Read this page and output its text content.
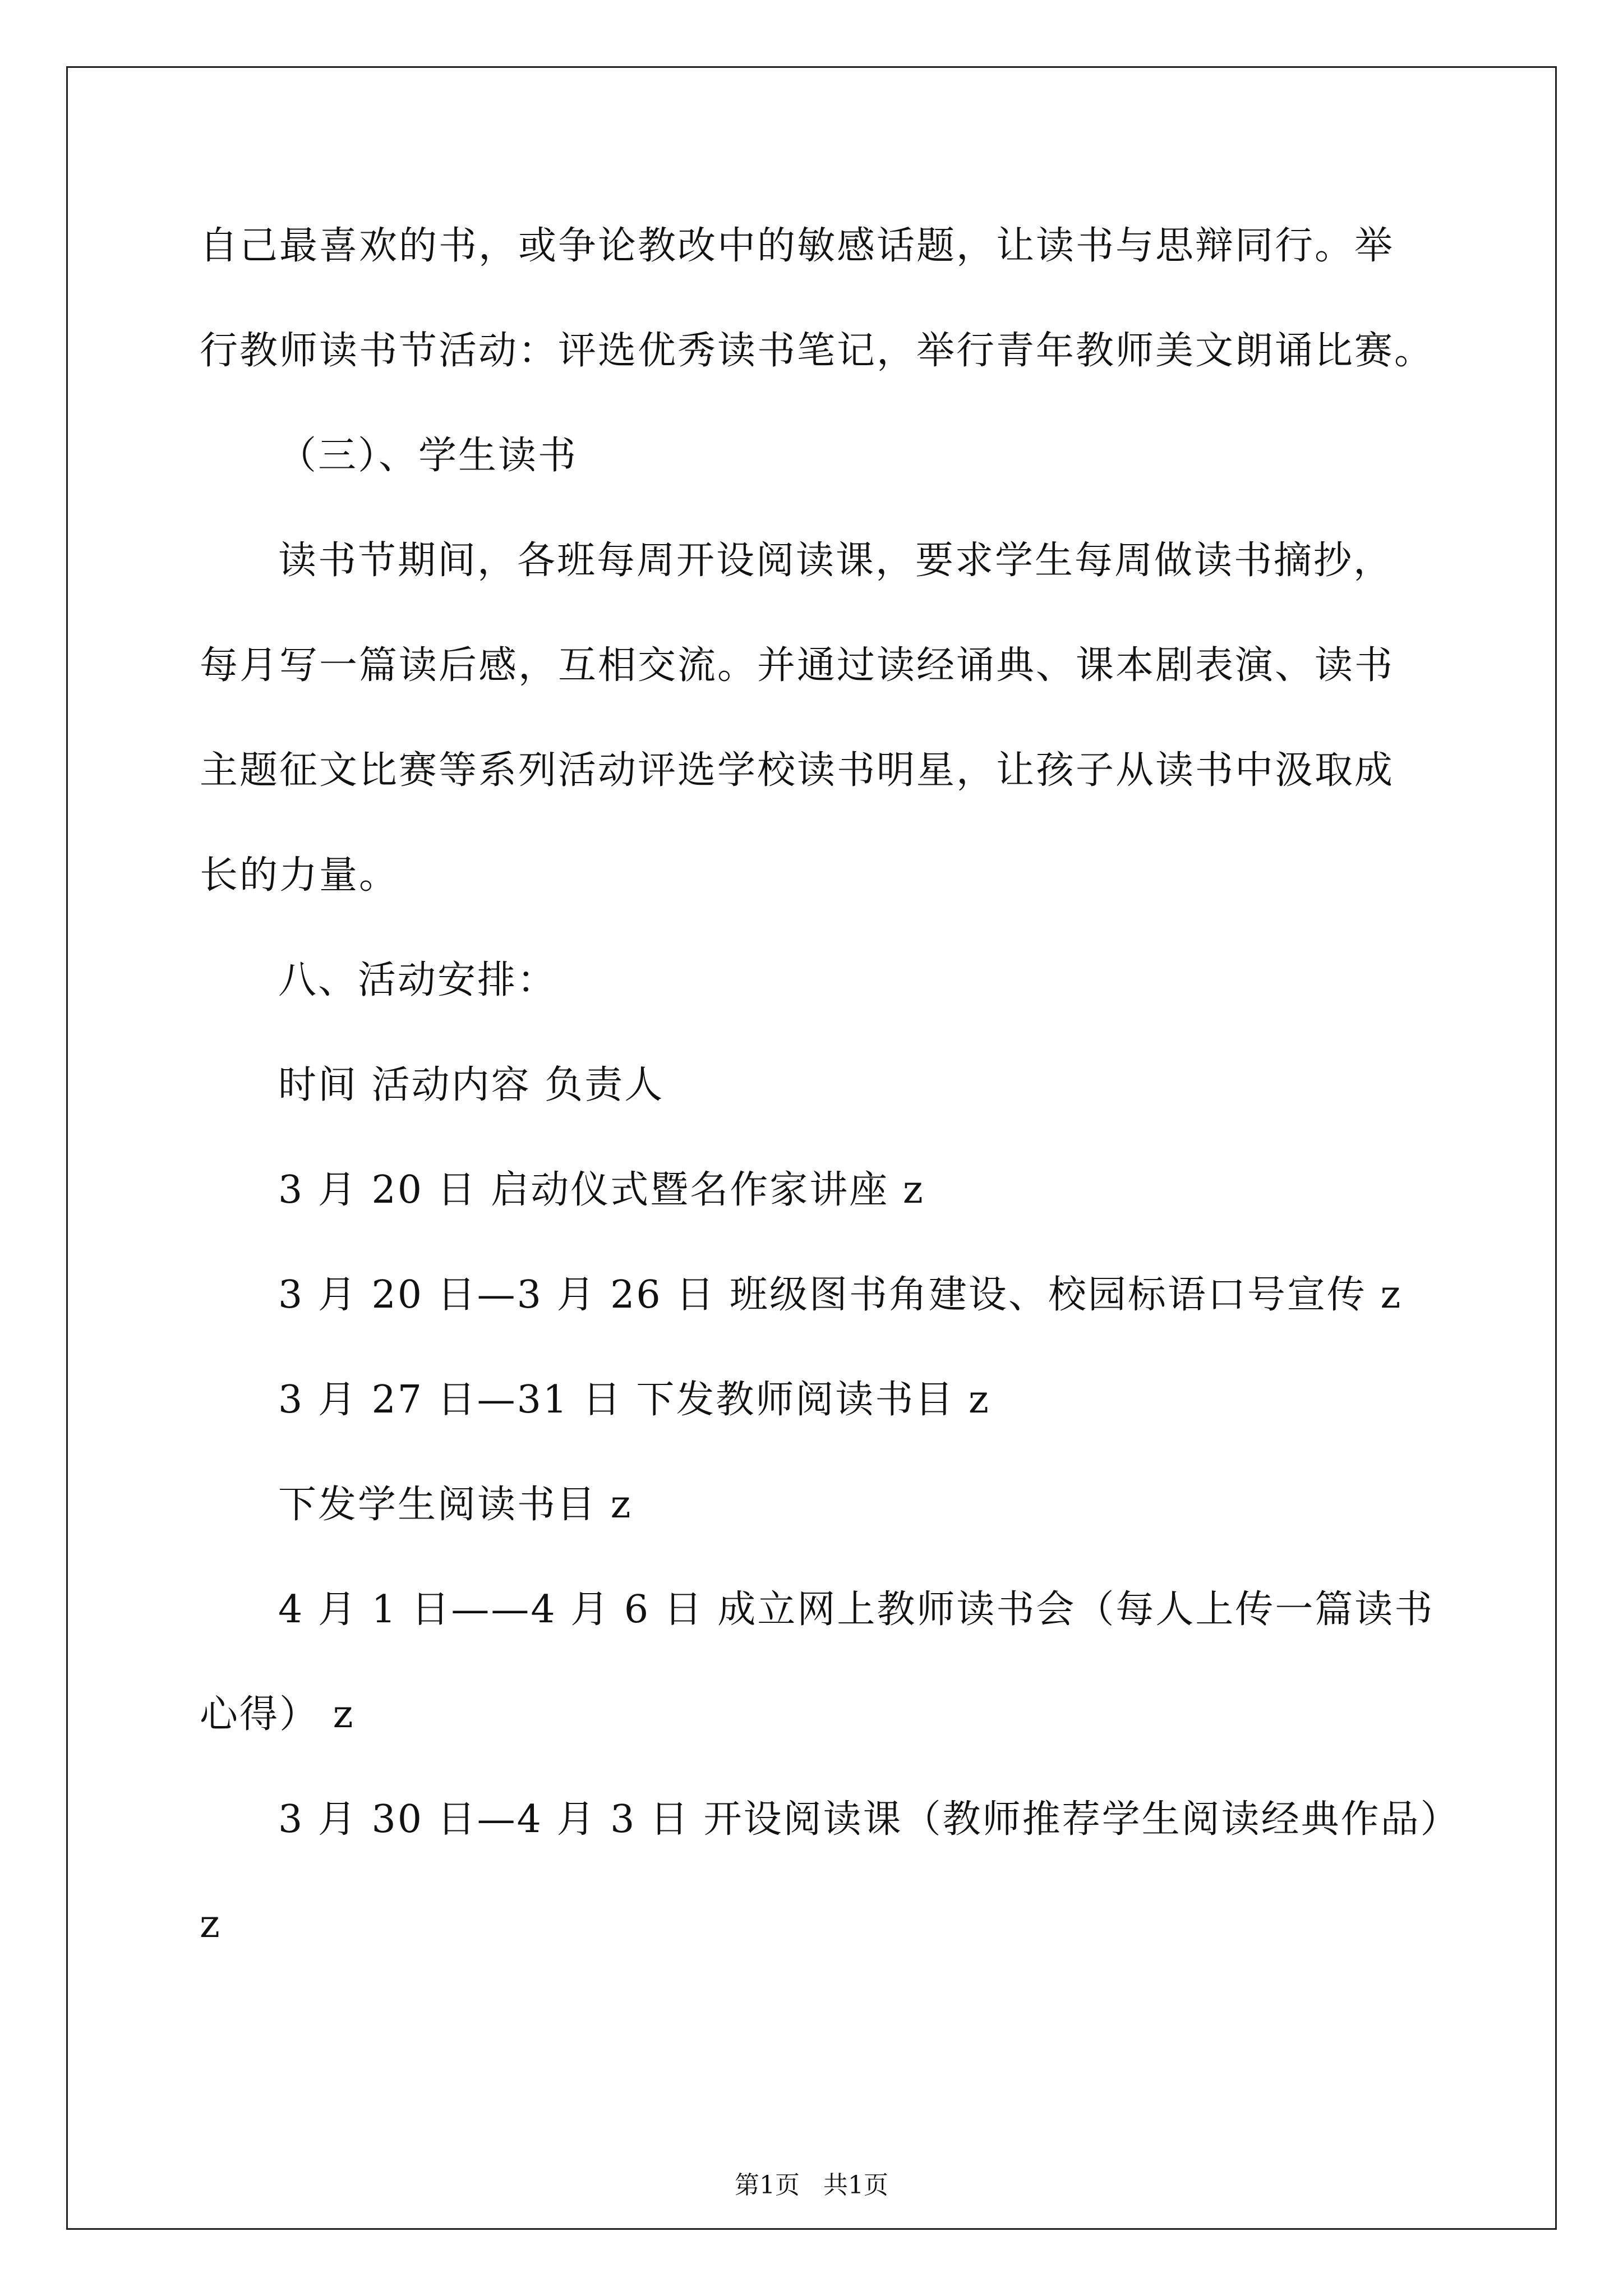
自己最喜欢的书，或争论教改中的敏感话题，让读书与思辩同行。举
行教师读书节活动：评选优秀读书笔记，举行青年教师美文朗诵比赛。
（三）、学生读书
读书节期间，各班每周开设阅读课，要求学生每周做读书摘抄，
每月写一篇读后感，互相交流。并通过读经诵典、课本剧表演、读书
主题征文比赛等系列活动评选学校读书明星，让孩子从读书中汲取成
长的力量。
八、活动安排：
时间 活动内容 负责人
3 月 20 日 启动仪式暨名作家讲座 z
3 月 20 日—3 月 26 日 班级图书角建设、校园标语口号宣传 z
3 月 27 日—31 日 下发教师阅读书目 z
下发学生阅读书目 z
4 月 1 日——4 月 6 日 成立网上教师读书会（每人上传一篇读书
心得） z
3 月 30 日—4 月 3 日 开设阅读课（教师推荐学生阅读经典作品）
z
第1页   共1页
